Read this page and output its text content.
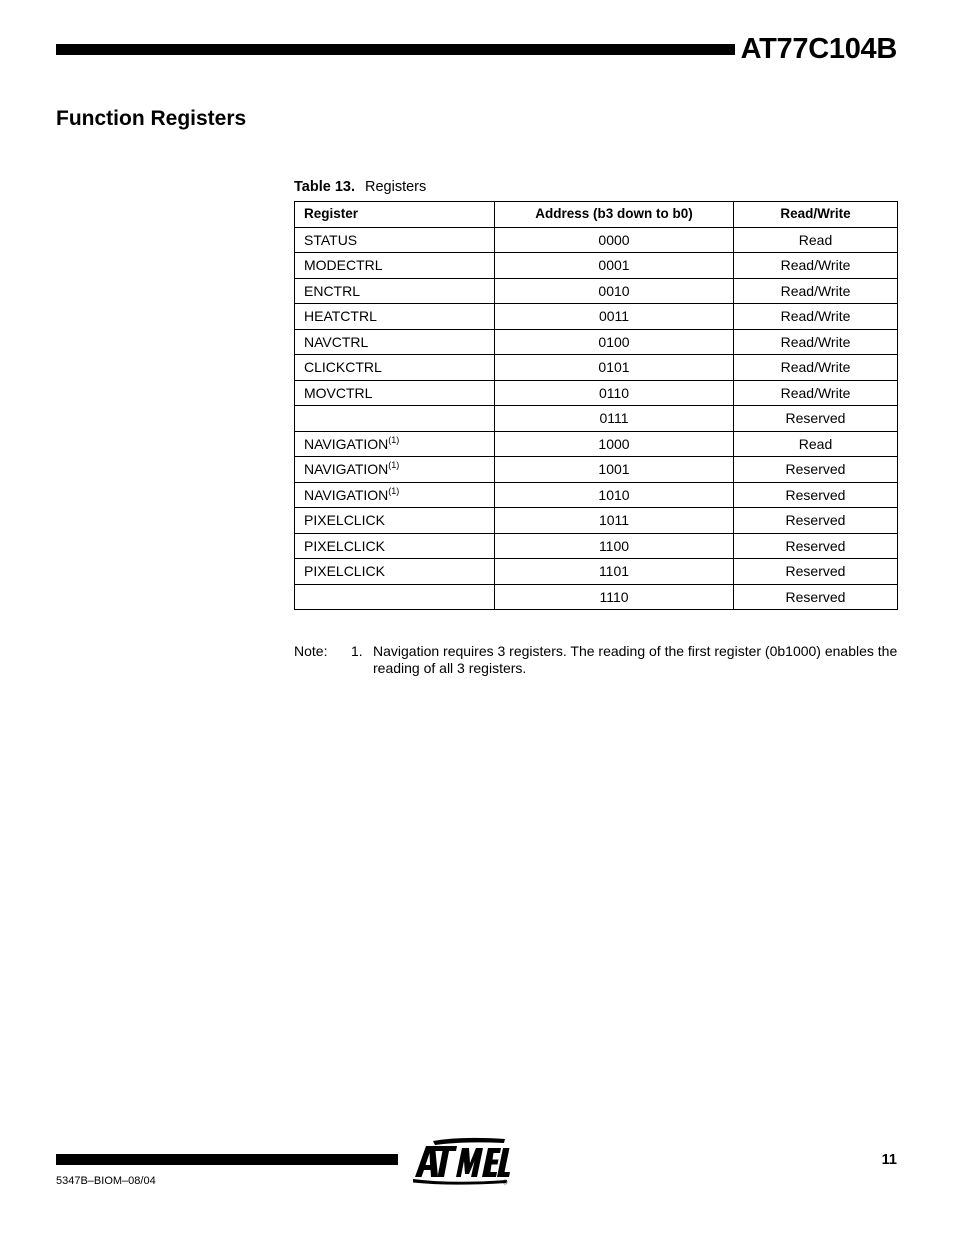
AT77C104B
Function Registers
Table 13. Registers
Register	Address (b3 down to b0)	Read/Write
STATUS	0000	Read
MODECTRL	0001	Read/Write
ENCTRL	0010	Read/Write
HEATCTRL	0011	Read/Write
NAVCTRL	0100	Read/Write
CLICKCTRL	0101	Read/Write
MOVCTRL	0110	Read/Write
	0111	Reserved
NAVIGATION$^{(1)}$	1000	Read
NAVIGATION$^{(1)}$	1001	Reserved
NAVIGATION$^{(1)}$	1010	Reserved
PIXELCLICK	1011	Reserved
PIXELCLICK	1100	Reserved
PIXELCLICK	1101	Reserved
	1110	Reserved
Note: 1. Navigation requires 3 registers. The reading of the first register (0b1000) enables the reading of all 3 registers.
®
5347B–BIOM–08/04
11
